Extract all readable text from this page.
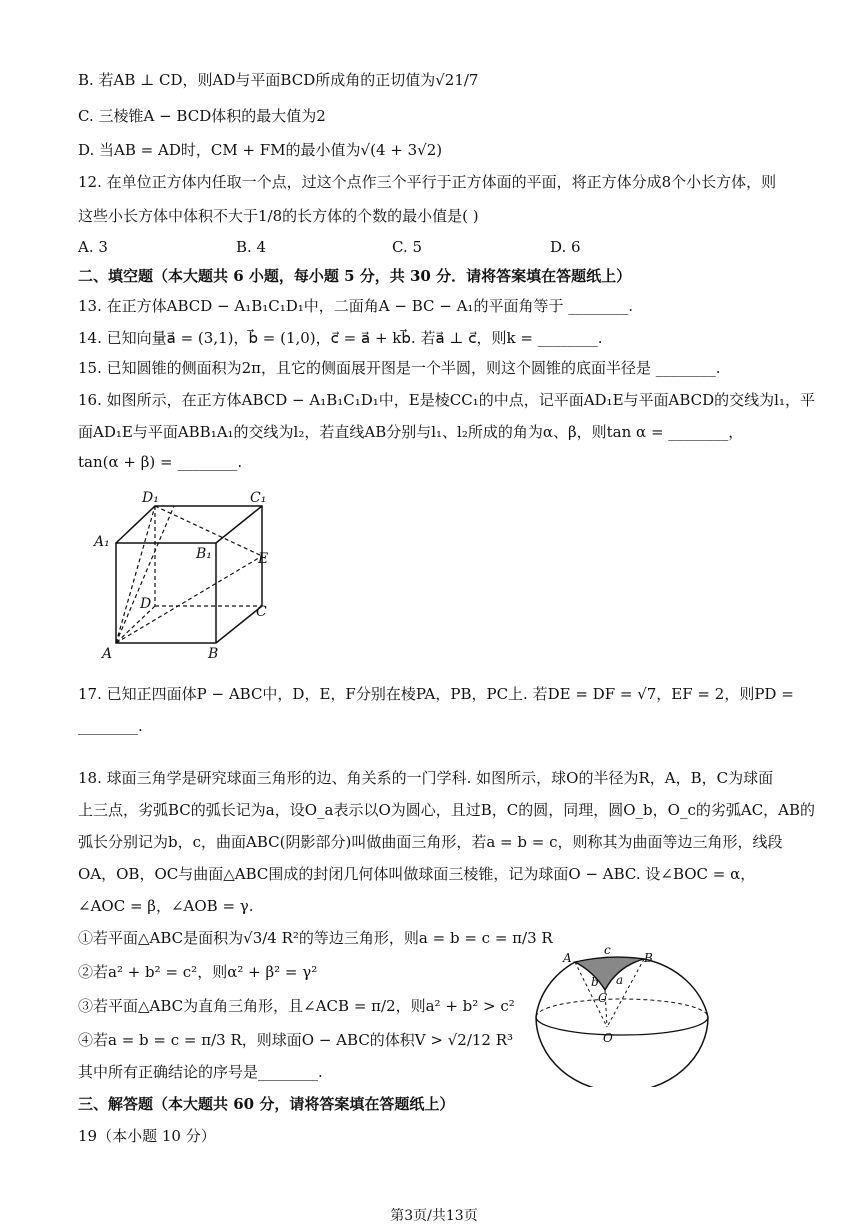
B. 若AB ⊥ CD，则AD与平面BCD所成角的正切值为√21/7
C. 三棱锥A − BCD体积的最大值为2
D. 当AB = AD时，CM + FM的最小值为√(4 + 3√2)
12. 在单位正方体内任取一个点，过这个点作三个平行于正方体面的平面，将正方体分成8个小长方体，则
这些小长方体中体积不大于1/8的长方体的个数的最小值是( )
A. 3	B. 4	C. 5	D. 6
二、填空题（本大题共 6 小题，每小题 5 分，共 30 分．请将答案填在答题纸上）
13. 在正方体ABCD − A₁B₁C₁D₁中，二面角A − BC − A₁的平面角等于 ________.
14. 已知向量a⃗ = (3,1)，b⃗ = (1,0)，c⃗ = a⃗ + kb⃗. 若a⃗ ⊥ c⃗，则k = ________.
15. 已知圆锥的侧面积为2π，且它的侧面展开图是一个半圆，则这个圆锥的底面半径是 ________.
16. 如图所示，在正方体ABCD − A₁B₁C₁D₁中，E是棱CC₁的中点，记平面AD₁E与平面ABCD的交线为l₁，平
面AD₁E与平面ABB₁A₁的交线为l₂，若直线AB分别与l₁、l₂所成的角为α、β，则tan α = ________，
tan(α + β) = ________.
D₁	C₁
A₁
B₁	E
D	C
A	B
17. 已知正四面体P − ABC中，D，E，F分别在棱PA，PB，PC上. 若DE = DF = √7，EF = 2，则PD =
________.
18. 球面三角学是研究球面三角形的边、角关系的一门学科. 如图所示，球O的半径为R，A，B，C为球面
上三点，劣弧BC的弧长记为a，设O_a表示以O为圆心，且过B，C的圆，同理，圆O_b，O_c的劣弧AC，AB的
弧长分别记为b，c，曲面ABC(阴影部分)叫做曲面三角形，若a = b = c，则称其为曲面等边三角形，线段
OA，OB，OC与曲面△ABC围成的封闭几何体叫做球面三棱锥，记为球面O − ABC. 设∠BOC = α，
∠AOC = β，∠AOB = γ.
①若平面△ABC是面积为√3/4 R²的等边三角形，则a = b = c = π/3 R
②若a² + b² = c²，则α² + β² = γ²
③若平面△ABC为直角三角形，且∠ACB = π/2，则a² + b² > c²
④若a = b = c = π/3 R，则球面O − ABC的体积V > √2/12 R³
其中所有正确结论的序号是________.
三、解答题（本大题共 60 分，请将答案填在答题纸上）
19（本小题 10 分）
A
c
B
b a
C
O
第3页/共13页
